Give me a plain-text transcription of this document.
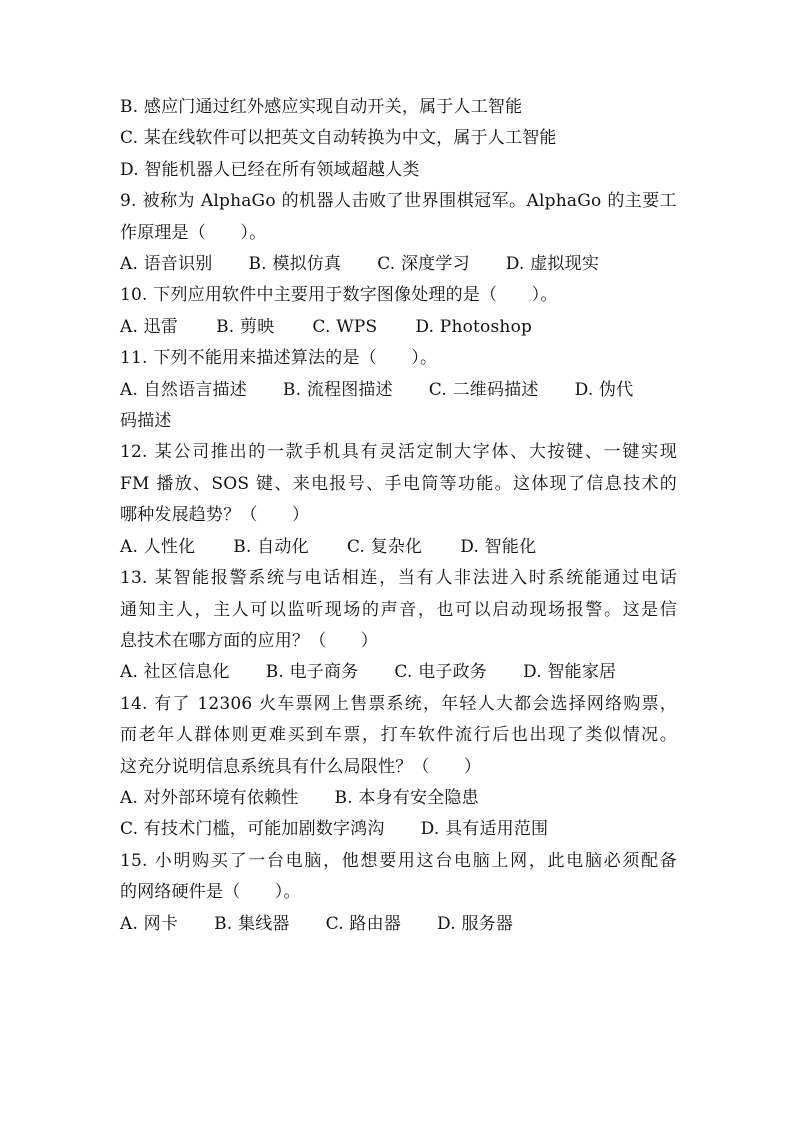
B. 感应门通过红外感应实现自动开关，属于人工智能
C. 某在线软件可以把英文自动转换为中文，属于人工智能
D. 智能机器人已经在所有领域超越人类
9. 被称为 AlphaGo 的机器人击败了世界围棋冠军。AlphaGo 的主要工
作原理是（　　）。
A. 语音识别 B. 模拟仿真 C. 深度学习 D. 虚拟现实
10. 下列应用软件中主要用于数字图像处理的是（　　）。
A. 迅雷 B. 剪映 C. WPS D. Photoshop
11. 下列不能用来描述算法的是（　　）。
A. 自然语言描述 B. 流程图描述 C. 二维码描述 D. 伪代
码描述
12. 某公司推出的一款手机具有灵活定制大字体、大按键、一键实现
FM 播放、SOS 键、来电报号、手电筒等功能。这体现了信息技术的
哪种发展趋势？（　　）
A. 人性化 B. 自动化 C. 复杂化 D. 智能化
13. 某智能报警系统与电话相连，当有人非法进入时系统能通过电话
通知主人，主人可以监听现场的声音，也可以启动现场报警。这是信
息技术在哪方面的应用？（　　）
A. 社区信息化 B. 电子商务 C. 电子政务 D. 智能家居
14. 有了 12306 火车票网上售票系统，年轻人大都会选择网络购票，
而老年人群体则更难买到车票，打车软件流行后也出现了类似情况。
这充分说明信息系统具有什么局限性？（　　）
A. 对外部环境有依赖性 B. 本身有安全隐患
C. 有技术门槛，可能加剧数字鸿沟 D. 具有适用范围
15. 小明购买了一台电脑，他想要用这台电脑上网，此电脑必须配备
的网络硬件是（　　）。
A. 网卡 B. 集线器 C. 路由器 D. 服务器
